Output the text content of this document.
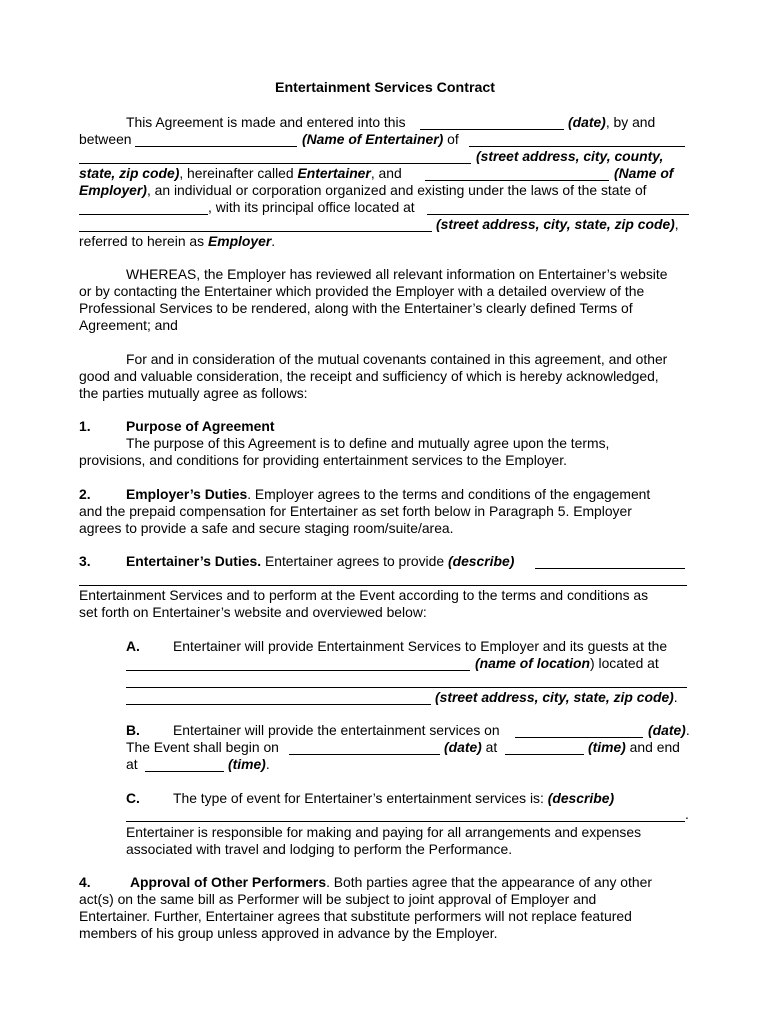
Entertainment Services Contract
This Agreement is made and entered into this	(date), by and
between	(Name of Entertainer) of
(street address, city, county,
state, zip code), hereinafter called Entertainer, and	(Name of
Employer), an individual or corporation organized and existing under the laws of the state of
, with its principal office located at
(street address, city, state, zip code),
referred to herein as Employer.
WHEREAS, the Employer has reviewed all relevant information on Entertainer’s website
or by contacting the Entertainer which provided the Employer with a detailed overview of the
Professional Services to be rendered, along with the Entertainer’s clearly defined Terms of
Agreement; and
For and in consideration of the mutual covenants contained in this agreement, and other
good and valuable consideration, the receipt and sufficiency of which is hereby acknowledged,
the parties mutually agree as follows:
1.	Purpose of Agreement
The purpose of this Agreement is to define and mutually agree upon the terms,
provisions, and conditions for providing entertainment services to the Employer.
2.	Employer’s Duties. Employer agrees to the terms and conditions of the engagement
and the prepaid compensation for Entertainer as set forth below in Paragraph 5. Employer
agrees to provide a safe and secure staging room/suite/area.
3.	Entertainer’s Duties. Entertainer agrees to provide (describe)
Entertainment Services and to perform at the Event according to the terms and conditions as
set forth on Entertainer’s website and overviewed below:
A. Entertainer will provide Entertainment Services to Employer and its guests at the
(name of location) located at
(street address, city, state, zip code).
B. Entertainer will provide the entertainment services on	(date).
The Event shall begin on	(date) at	(time) and end
at	(time).
C. The type of event for Entertainer’s entertainment services is: (describe)
.
Entertainer is responsible for making and paying for all arrangements and expenses
associated with travel and lodging to perform the Performance.
4.	Approval of Other Performers. Both parties agree that the appearance of any other
act(s) on the same bill as Performer will be subject to joint approval of Employer and
Entertainer. Further, Entertainer agrees that substitute performers will not replace featured
members of his group unless approved in advance by the Employer.
